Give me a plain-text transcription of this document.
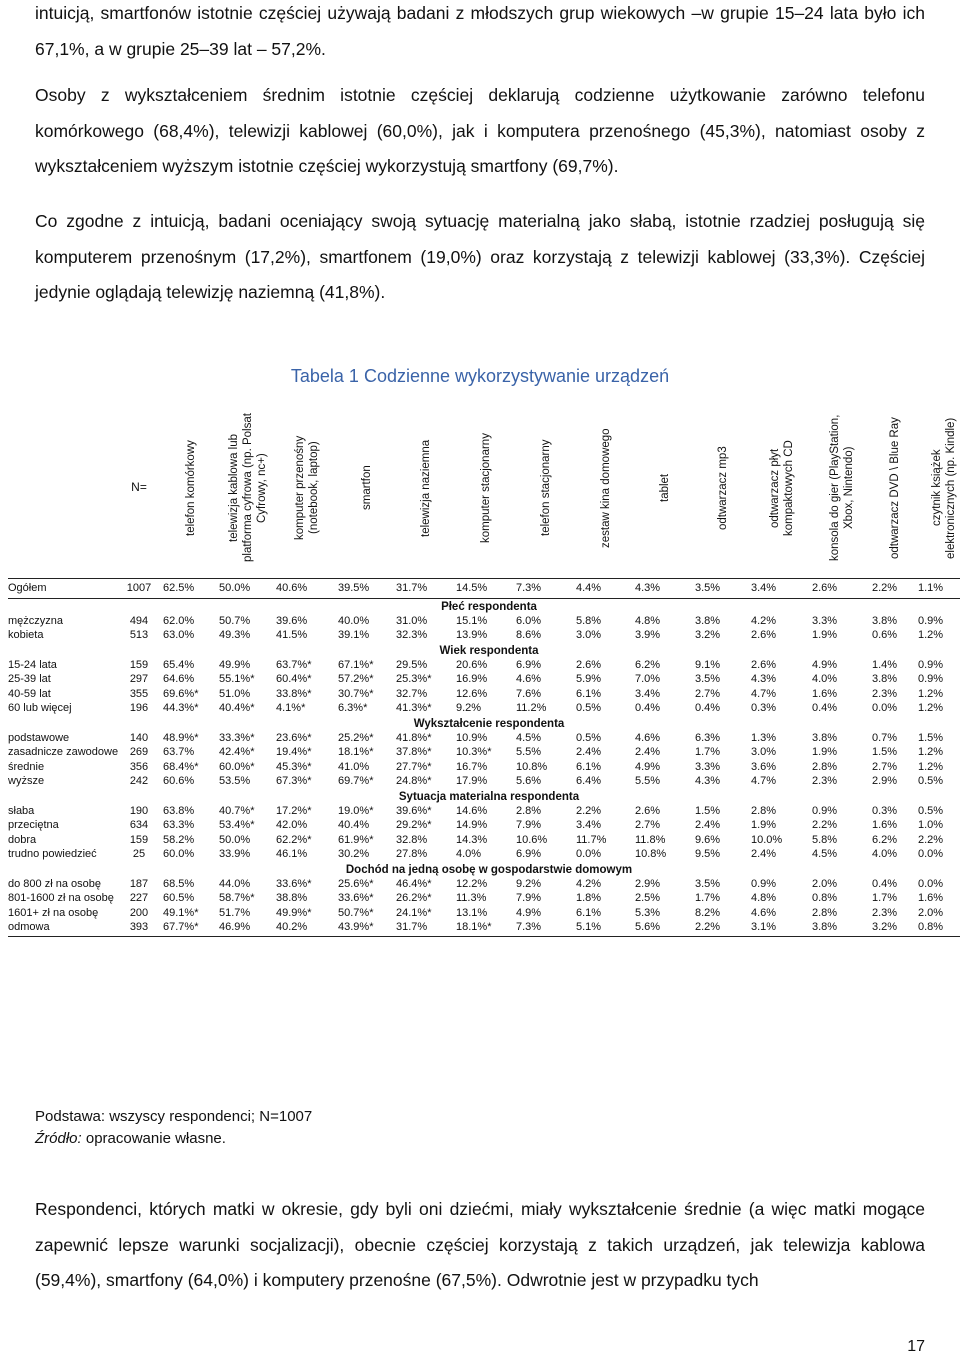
intuicją, smartfonów istotnie częściej używają badani z młodszych grup wiekowych –w grupie 15–24 lata było ich 67,1%, a w grupie 25–39 lat – 57,2%.

Osoby z wykształceniem średnim istotnie częściej deklarują codzienne użytkowanie zarówno telefonu komórkowego (68,4%), telewizji kablowej (60,0%), jak i komputera przenośnego (45,3%), natomiast osoby z wykształceniem wyższym istotnie częściej wykorzystują smartfony (69,7%).

Co zgodne z intuicją, badani oceniający swoją sytuację materialną jako słabą, istotnie rzadziej posługują się komputerem przenośnym (17,2%), smartfonem (19,0%) oraz korzystają z telewizji kablowej (33,3%). Częściej jedynie oglądają telewizję naziemną (41,8%).

Tabela 1 Codzienne wykorzystywanie urządzeń
	N=	telefon komórkowy	telewizja kablowa lub
platforma cyfrowa (np. Polsat
Cyfrowy, nc+)	komputer przenośny
(notebook, laptop)	smartfon	telewizja naziemna	komputer stacjonarny	telefon stacjonarny	zestaw kina domowego	tablet	odtwarzacz mp3	odtwarzacz płyt
kompaktowych CD	konsola do gier (PlayStation,
Xbox, Nintendo)	odtwarzacz DVD \ Blue Ray	czytnik książek
elektronicznych (np. Kindle)

Ogółem	1007	62.5%	50.0%	40.6%	39.5%	31.7%	14.5%	7.3%	4.4%	4.3%	3.5%	3.4%	2.6%	2.2%	1.1%
Płeć respondenta															
mężczyzna	494	62.0%	50.7%	39.6%	40.0%	31.0%	15.1%	6.0%	5.8%	4.8%	3.8%	4.2%	3.3%	3.8%	0.9%
kobieta	513	63.0%	49.3%	41.5%	39.1%	32.3%	13.9%	8.6%	3.0%	3.9%	3.2%	2.6%	1.9%	0.6%	1.2%
Wiek respondenta															
15-24 lata	159	65.4%	49.9%	63.7%*	67.1%*	29.5%	20.6%	6.9%	2.6%	6.2%	9.1%	2.6%	4.9%	1.4%	0.9%
25-39 lat	297	64.6%	55.1%*	60.4%*	57.2%*	25.3%*	16.9%	4.6%	5.9%	7.0%	3.5%	4.3%	4.0%	3.8%	0.9%
40-59 lat	355	69.6%*	51.0%	33.8%*	30.7%*	32.7%	12.6%	7.6%	6.1%	3.4%	2.7%	4.7%	1.6%	2.3%	1.2%
60 lub więcej	196	44.3%*	40.4%*	4.1%*	6.3%*	41.3%*	9.2%	11.2%	0.5%	0.4%	0.4%	0.3%	0.4%	0.0%	1.2%
Wykształcenie respondenta															
podstawowe	140	48.9%*	33.3%*	23.6%*	25.2%*	41.8%*	10.9%	4.5%	0.5%	4.6%	6.3%	1.3%	3.8%	0.7%	1.5%
zasadnicze zawodowe	269	63.7%	42.4%*	19.4%*	18.1%*	37.8%*	10.3%*	5.5%	2.4%	2.4%	1.7%	3.0%	1.9%	1.5%	1.2%
średnie	356	68.4%*	60.0%*	45.3%*	41.0%	27.7%*	16.7%	10.8%	6.1%	4.9%	3.3%	3.6%	2.8%	2.7%	1.2%
wyższe	242	60.6%	53.5%	67.3%*	69.7%*	24.8%*	17.9%	5.6%	6.4%	5.5%	4.3%	4.7%	2.3%	2.9%	0.5%
Sytuacja materialna respondenta															
słaba	190	63.8%	40.7%*	17.2%*	19.0%*	39.6%*	14.6%	2.8%	2.2%	2.6%	1.5%	2.8%	0.9%	0.3%	0.5%
przeciętna	634	63.3%	53.4%*	42.0%	40.4%	29.2%*	14.9%	7.9%	3.4%	2.7%	2.4%	1.9%	2.2%	1.6%	1.0%
dobra	159	58.2%	50.0%	62.2%*	61.9%*	32.8%	14.3%	10.6%	11.7%	11.8%	9.6%	10.0%	5.8%	6.2%	2.2%
trudno powiedzieć	25	60.0%	33.9%	46.1%	30.2%	27.8%	4.0%	6.9%	0.0%	10.8%	9.5%	2.4%	4.5%	4.0%	0.0%
Dochód na jedną osobę w gospodarstwie domowym															
do 800 zł na osobę	187	68.5%	44.0%	33.6%*	25.6%*	46.4%*	12.2%	9.2%	4.2%	2.9%	3.5%	0.9%	2.0%	0.4%	0.0%
801-1600 zł na osobę	227	60.5%	58.7%*	38.8%	33.6%*	26.2%*	11.3%	7.9%	1.8%	2.5%	1.7%	4.8%	0.8%	1.7%	1.6%
1601+ zł na osobę	200	49.1%*	51.7%	49.9%*	50.7%*	24.1%*	13.1%	4.9%	6.1%	5.3%	8.2%	4.6%	2.8%	2.3%	2.0%
odmowa	393	67.7%*	46.9%	40.2%	43.9%*	31.7%	18.1%*	7.3%	5.1%	5.6%	2.2%	3.1%	3.8%	3.2%	0.8%
Podstawa: wszyscy respondenci; N=1007
Źródło: opracowanie własne.

Respondenci, których matki w okresie, gdy byli oni dziećmi, miały wykształcenie średnie (a więc matki mogące zapewnić lepsze warunki socjalizacji), obecnie częściej korzystają z takich urządzeń, jak telewizja kablowa (59,4%), smartfony (64,0%) i komputery przenośne (67,5%). Odwrotnie jest w przypadku tych

17
